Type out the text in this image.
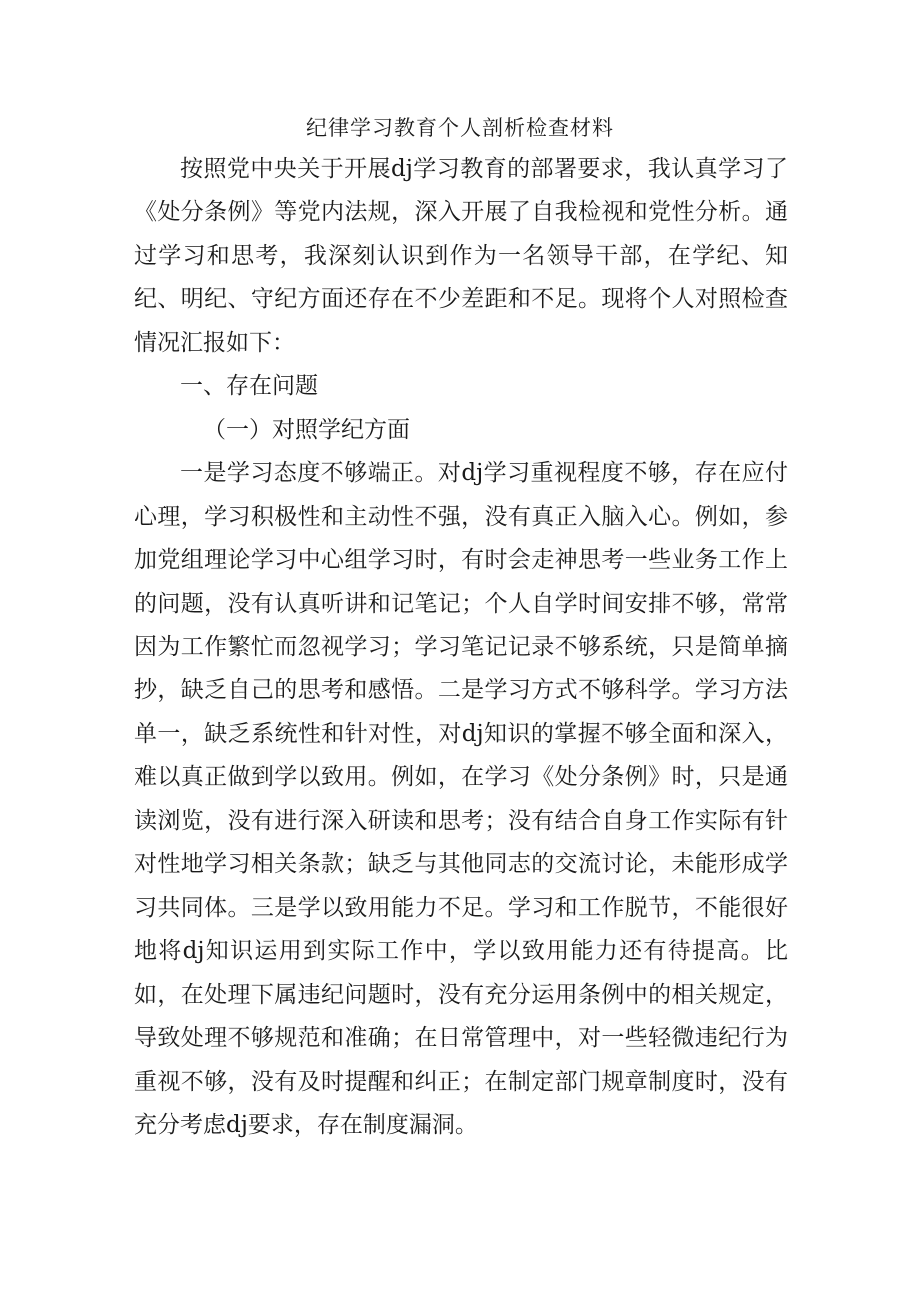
纪律学习教育个人剖析检查材料

按照党中央关于开展dj学习教育的部署要求，我认真学习了《处分条例》等党内法规，深入开展了自我检视和党性分析。通过学习和思考，我深刻认识到作为一名领导干部，在学纪、知纪、明纪、守纪方面还存在不少差距和不足。现将个人对照检查情况汇报如下：

一、存在问题

（一）对照学纪方面

一是学习态度不够端正。对dj学习重视程度不够，存在应付心理，学习积极性和主动性不强，没有真正入脑入心。例如，参加党组理论学习中心组学习时，有时会走神思考一些业务工作上的问题，没有认真听讲和记笔记；个人自学时间安排不够，常常因为工作繁忙而忽视学习；学习笔记记录不够系统，只是简单摘抄，缺乏自己的思考和感悟。二是学习方式不够科学。学习方法单一，缺乏系统性和针对性，对dj知识的掌握不够全面和深入，难以真正做到学以致用。例如，在学习《处分条例》时，只是通读浏览，没有进行深入研读和思考；没有结合自身工作实际有针对性地学习相关条款；缺乏与其他同志的交流讨论，未能形成学习共同体。三是学以致用能力不足。学习和工作脱节，不能很好地将dj知识运用到实际工作中，学以致用能力还有待提高。比如，在处理下属违纪问题时，没有充分运用条例中的相关规定，导致处理不够规范和准确；在日常管理中，对一些轻微违纪行为重视不够，没有及时提醒和纠正；在制定部门规章制度时，没有充分考虑dj要求，存在制度漏洞。
